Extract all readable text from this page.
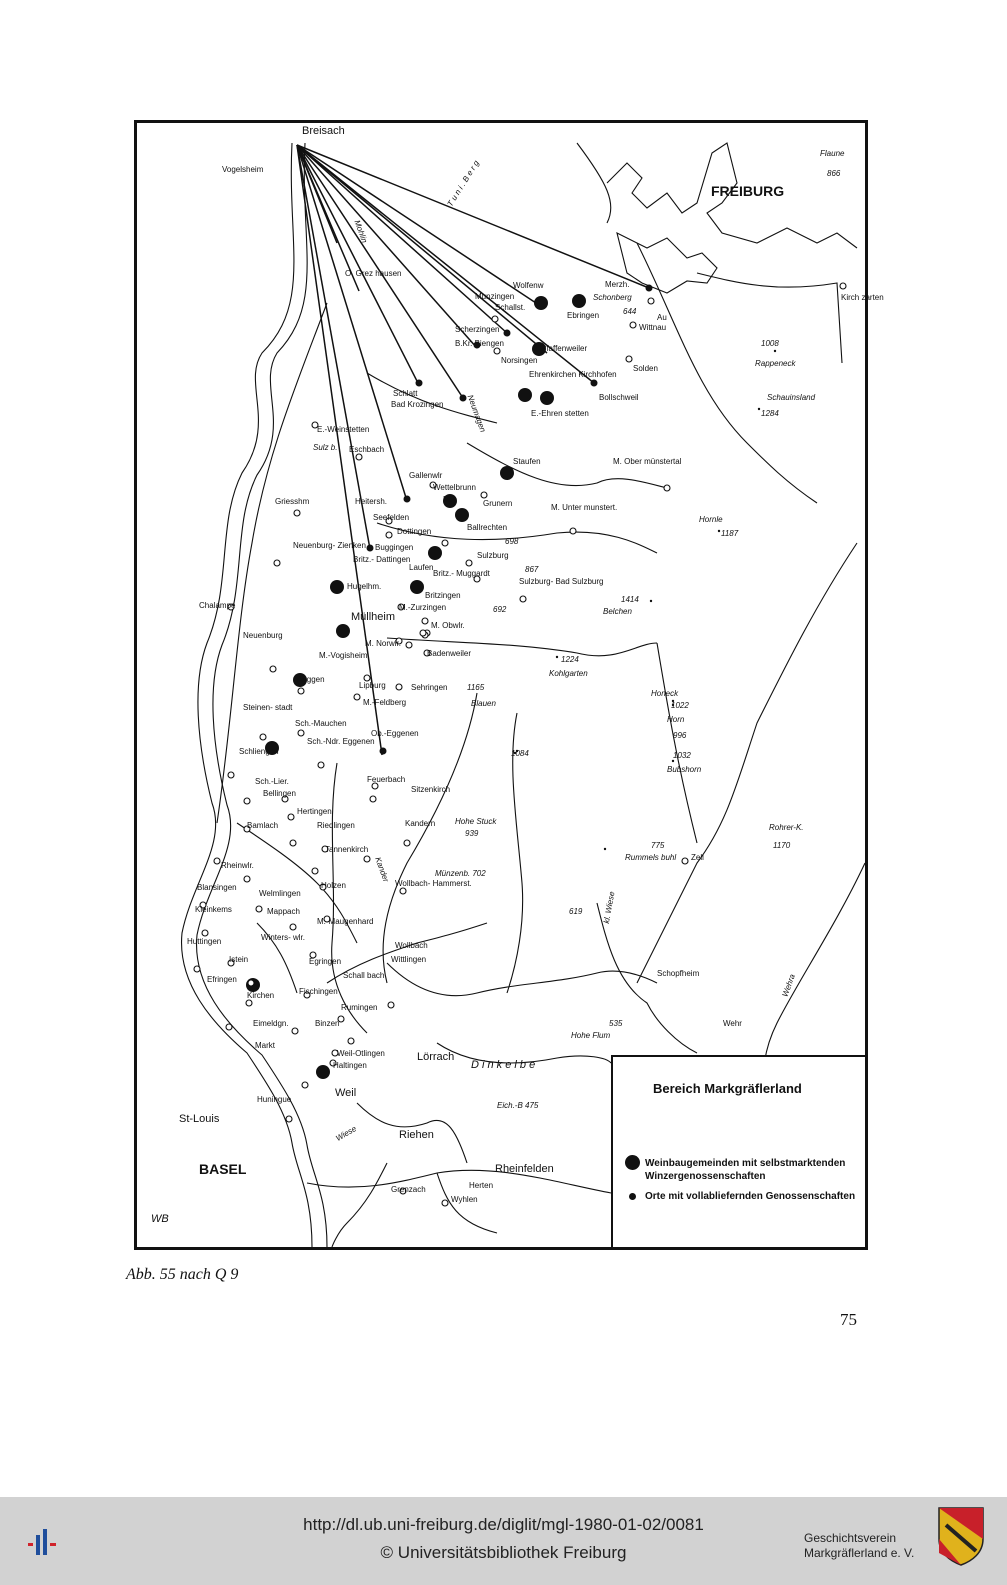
Breisach
Vogelsheim
FREIBURG
Flaune
866
Wolfenw	Merzh.
Schonberg
644
Au
Wittnau
Ebringen
Kirch zarten
O. Grez hausen
Munzingen
Schallst.
Scherzingen
B.Kr. Biengen
Norsingen
Pfaffenweiler
Solden
1008
Rappeneck
Ehrenkirchen Kirchhofen
Bollschweil	Schauinsland
1284
Schlatt
Bad Krozingen
E.-Ehren stetten
E.-Weinstetten
Eschbach
Staufen	M. Ober münstertal
Gallenwlr
Wettelbrunn
M.	Grunern
Griesshm	Heitersh.
Seefelden
Dottingen	Ballrechten
M. Unter munstert.
Hornle
1187
698
Neuenburg- Zienken Buggingen
Sulzburg
Britz.- Dattingen
Laufen
Britz.- Muggardt	867
Hugelhm.
Britzingen
Sulzburg- Bad Sulzburg
Chalampe	M.-Zurzingen	692
1414
Belchen
Müllheim
M. Obwlr.
Neuenburg
M. Norwlr.
Badenweiler
M.-Vogisheim	1224
Kohlgarten
Auggen
Lipburg	Sehringen 1165
Honeck
1022
Steinen- stadt
M.-Feldberg	Blauen
Horn
996
Sch.-Mauchen
Ob.-Eggenen
1032
Bubshorn
Schliengen
Sch.-Ndr. Eggenen
1084
Feuerbach
Sch.-Lier.
Bellingen	Sitzenkirch
Hertingen
Hohe Stuck
939
Bamlach	Riedlingen	Kandern	Rohrer-K.
1170
Tannenkirch	775
Rummels buhl Zell
Rheinwlr.	Kander	Münzenb. 702
Blansingen	Holzen	Wollbach- Hammerst.
Welmlingen
Kleinkems	Mappach	619
M.-Maugenhard
Huttingen	Winters- wlr.
Wollbach
kl. Wiese
Istein	Egringen	Wittlingen
Efringen	Schall bach	Schopfheim
Kirchen	Fischingen
Rumingen
Wehra
Wehr
Eimeldgn.	Binzen	535
Hohe Flum
Markt
Weil-Otlingen	Lörrach
Haltingen	D i n k e l b e
Huningue
Weil
Eich.-B 475
St-Louis
Wiese	Riehen
BASEL	Rheinfelden
Herten
Grenzach
Wyhlen
T u n i . B e r g
Mohlin
Neumagen
Sulz b.
WB
Bereich Markgräflerland
Weinbaugemeinden mit selbstmarktenden Winzergenossenschaften
Orte mit vollabliefernden Genossenschaften
Abb. 55 nach Q 9
75
http://dl.ub.uni-freiburg.de/diglit/mgl-1980-01-02/0081
© Universitätsbibliothek Freiburg
Geschichtsverein
Markgräflerland e. V.
